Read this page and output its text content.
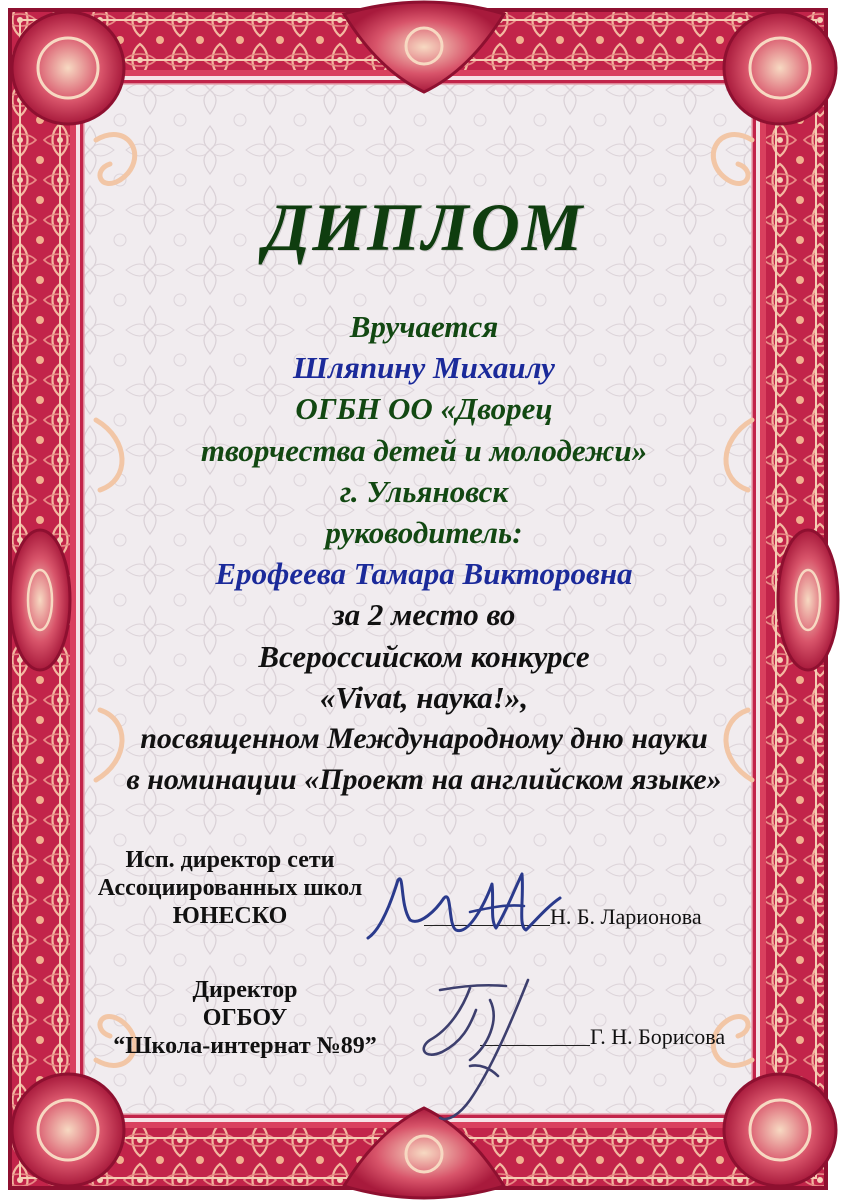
ДИПЛОМ
Вручается
Шляпину Михаилу
ОГБН ОО «Дворец
творчества детей и молодежи»
г. Ульяновск
руководитель:
Ерофеева Тамара Викторовна
за 2 место во
Всероссийском конкурсе
«Vivat, наука!»,
посвященном Международному дню науки
в номинации «Проект на английском языке»
Исп. директор сети
Ассоциированных школ
ЮНЕСКО	Н. Б. Ларионова
Директор
ОГБОУ
“Школа-интернат №89”	Г. Н. Борисова
